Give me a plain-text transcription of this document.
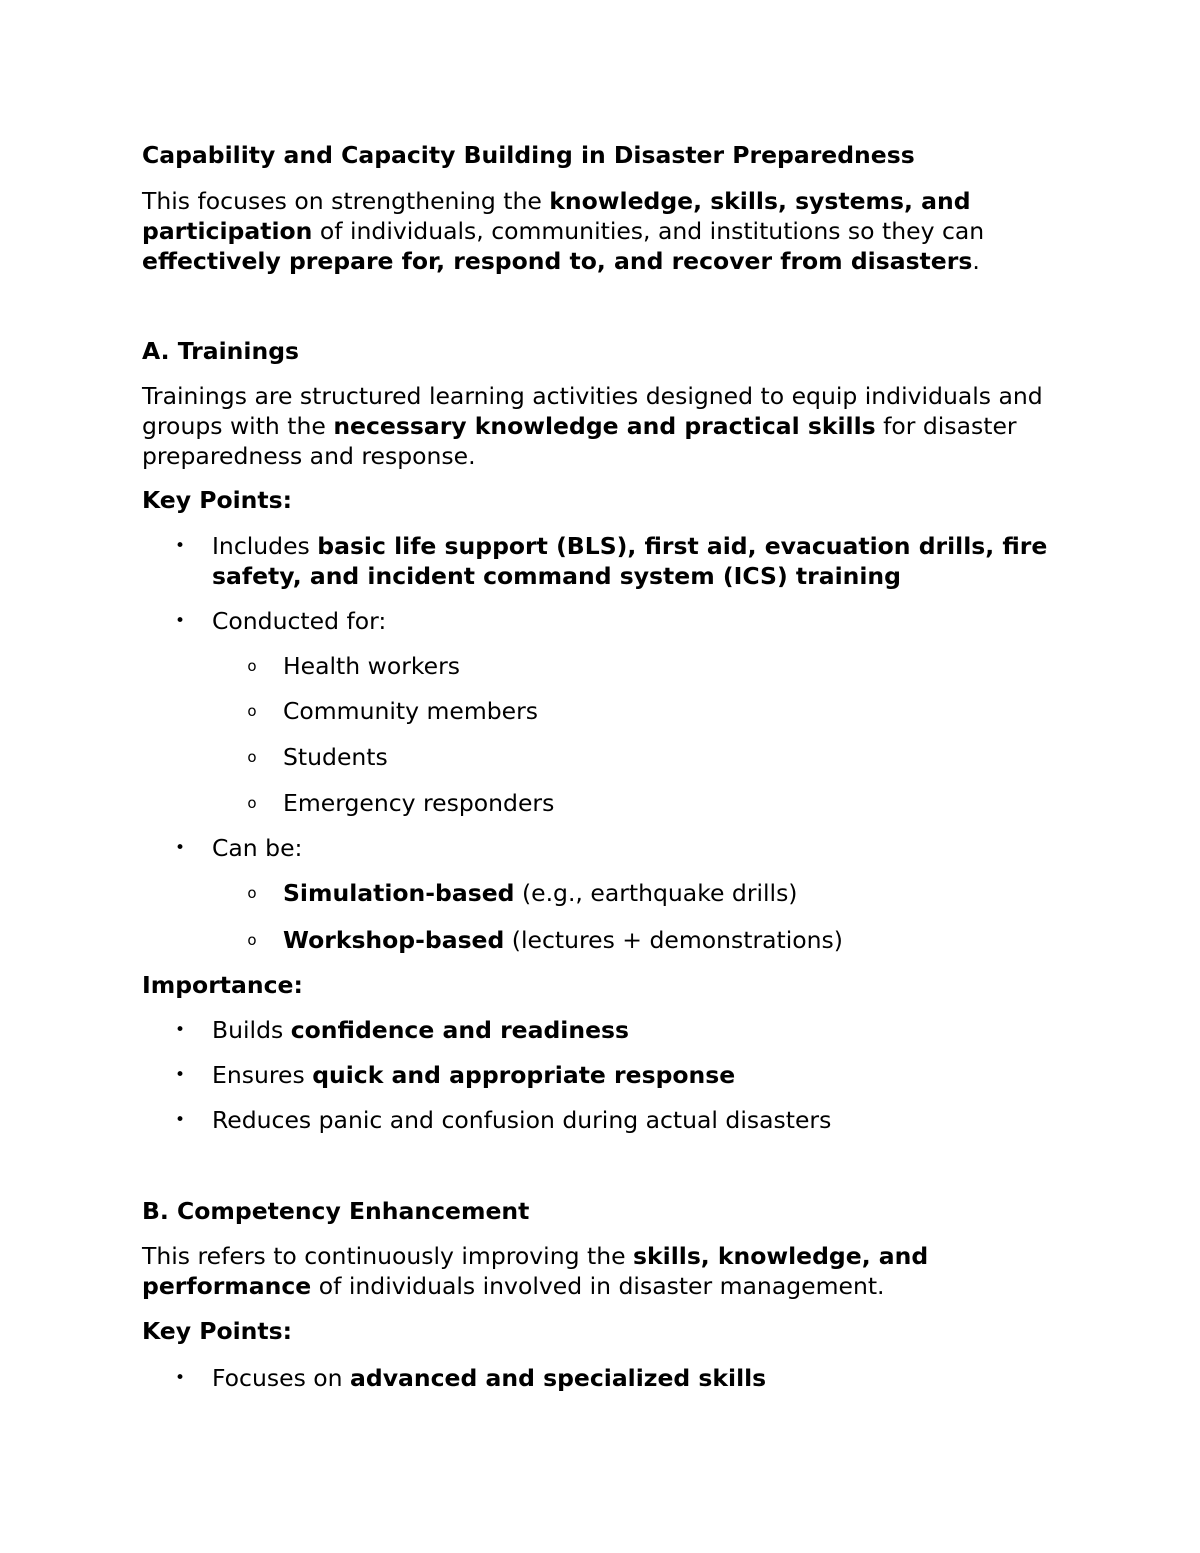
Capability and Capacity Building in Disaster Preparedness
This focuses on strengthening the knowledge, skills, systems, and
participation of individuals, communities, and institutions so they can
effectively prepare for, respond to, and recover from disasters.
A. Trainings
Trainings are structured learning activities designed to equip individuals and
groups with the necessary knowledge and practical skills for disaster
preparedness and response.
Key Points:
• Includes basic life support (BLS), first aid, evacuation drills, fire
safety, and incident command system (ICS) training
• Conducted for:
o Health workers
o Community members
o Students
o Emergency responders
• Can be:
o Simulation-based (e.g., earthquake drills)
o Workshop-based (lectures + demonstrations)
Importance:
• Builds confidence and readiness
• Ensures quick and appropriate response
• Reduces panic and confusion during actual disasters
B. Competency Enhancement
This refers to continuously improving the skills, knowledge, and
performance of individuals involved in disaster management.
Key Points:
• Focuses on advanced and specialized skills
